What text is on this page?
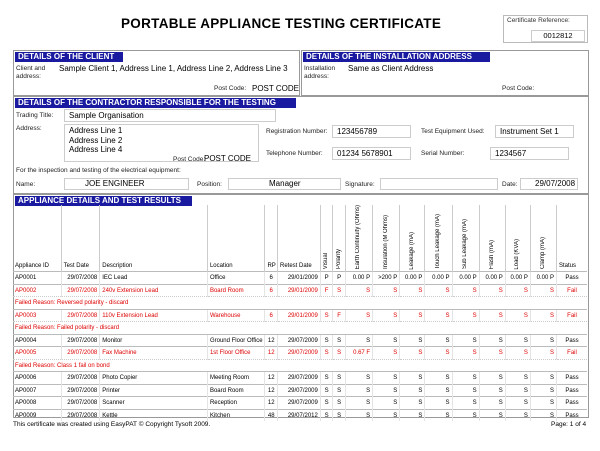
PORTABLE APPLIANCE TESTING CERTIFICATE	Certificate Reference:
0012812
DETAILS OF THE CLIENT
Client and address:
Sample Client 1, Address Line 1, Address Line 2, Address Line 3
Post Code: POST CODE
DETAILS OF THE INSTALLATION ADDRESS
Installation address:
Same as Client Address
Post Code:
DETAILS OF THE CONTRACTOR RESPONSIBLE FOR THE TESTING
Trading Title:	Sample Organisation
Address:	Address Line 1
Address Line 2
Address Line 4
Post Code:
POST CODE
Registration Number:	123456789	Test Equipment Used:	Instrument Set 1
Telephone Number:	01234 5678901	Serial Number:	1234567
For the inspection and testing of the electrical equipment:
Name:	JOE ENGINEER	Position:	Manager	Signature:	Date:	29/07/2008
APPLIANCE DETAILS AND TEST RESULTS
Appliance ID	Test Date	Description	Location	RP	Retest Date	Visual	Polarity	Earth Continuity (Ohms)	Insulation (M Ohms)	Leakage (mA)	Touch Leakage (mA)	Sub Leakage (mA)	Flash (mA)	Load (KVA)	Clamp (mA)	Status
AP0001	29/07/2008	IEC Lead	Office	6	29/01/2009	P	P	0.00 P	>200 P	0.00 P	0.00 P	0.00 P	0.00 P	0.00 P	0.00 P	Pass
AP0002	29/07/2008	240v Extension Lead	Board Room	6	29/01/2009	F	S	S	S	S	S	S	S	S	S	Fail
Failed Reason: Reversed polarity - discard																
AP0003	29/07/2008	110v Extension Lead	Warehouse	6	29/01/2009	S	F	S	S	S	S	S	S	S	S	Fail
Failed Reason: Failed polarity - discard																
AP0004	29/07/2008	Monitor	Ground Floor Office	12	29/07/2009	S	S	S	S	S	S	S	S	S	S	Pass
AP0005	29/07/2008	Fax Machine	1st Floor Office	12	29/07/2009	S	S	0.67 F	S	S	S	S	S	S	S	Fail
Failed Reason: Class 1 fail on bond																
AP0006	29/07/2008	Photo Copier	Meeting Room	12	29/07/2009	S	S	S	S	S	S	S	S	S	S	Pass
AP0007	29/07/2008	Printer	Board Room	12	29/07/2009	S	S	S	S	S	S	S	S	S	S	Pass
AP0008	29/07/2008	Scanner	Reception	12	29/07/2009	S	S	S	S	S	S	S	S	S	S	Pass
AP0009	29/07/2008	Kettle	Kitchen	48	29/07/2012	S	S	S	S	S	S	S	S	S	S	Pass
This certificate was created using EasyPAT © Copyright Tysoft 2009.	Page: 1 of 4
